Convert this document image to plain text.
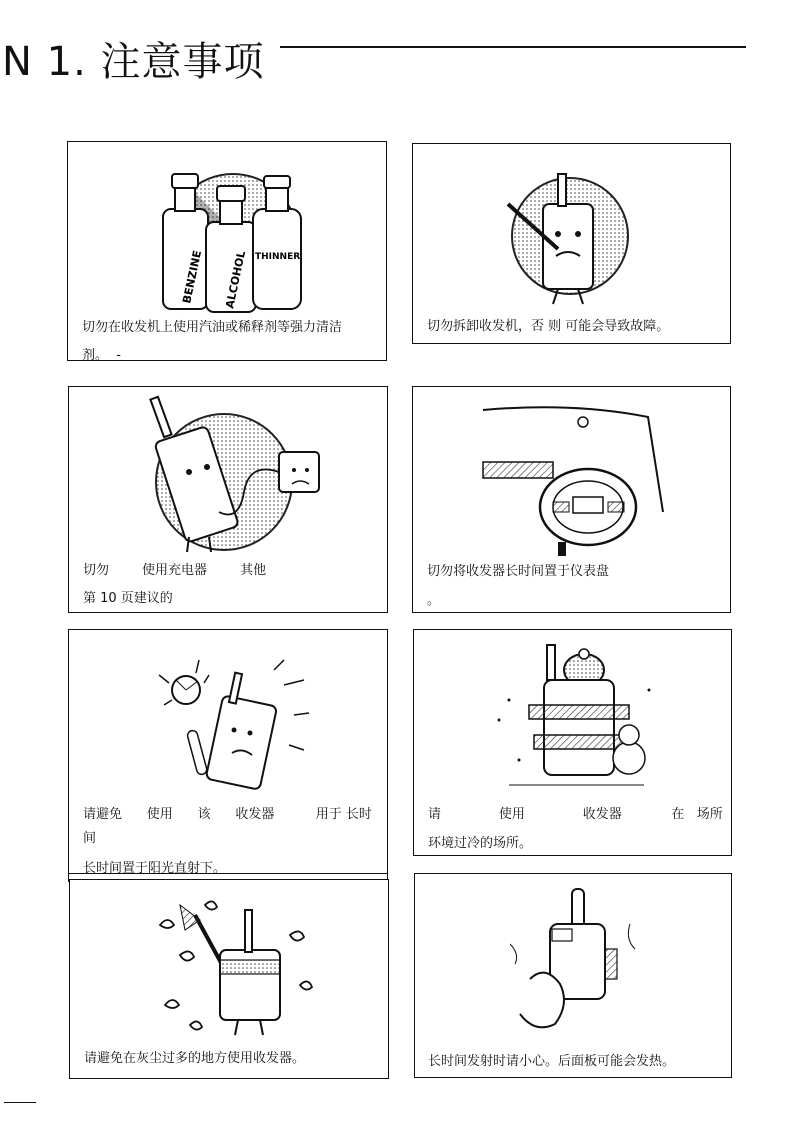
N 1. 注意事项
BENZINE ALCOHOL THINNER
切勿在收发机上使用汽油或稀释剂等强力清洁
剂。  -
切勿拆卸收发机，否 则 可能会导致故障。
切勿        使用充电器        其他
第 10 页建议的
切勿将收发器长时间置于仪表盘
。
请避免      使用      该      收发器          用于 长时
间
长时间置于阳光直射下。
请              使用              收发器            在   场所
环境过冷的场所。
请避免在灰尘过多的地方使用收发器。	长时间发射时请小心。后面板可能会发热。
